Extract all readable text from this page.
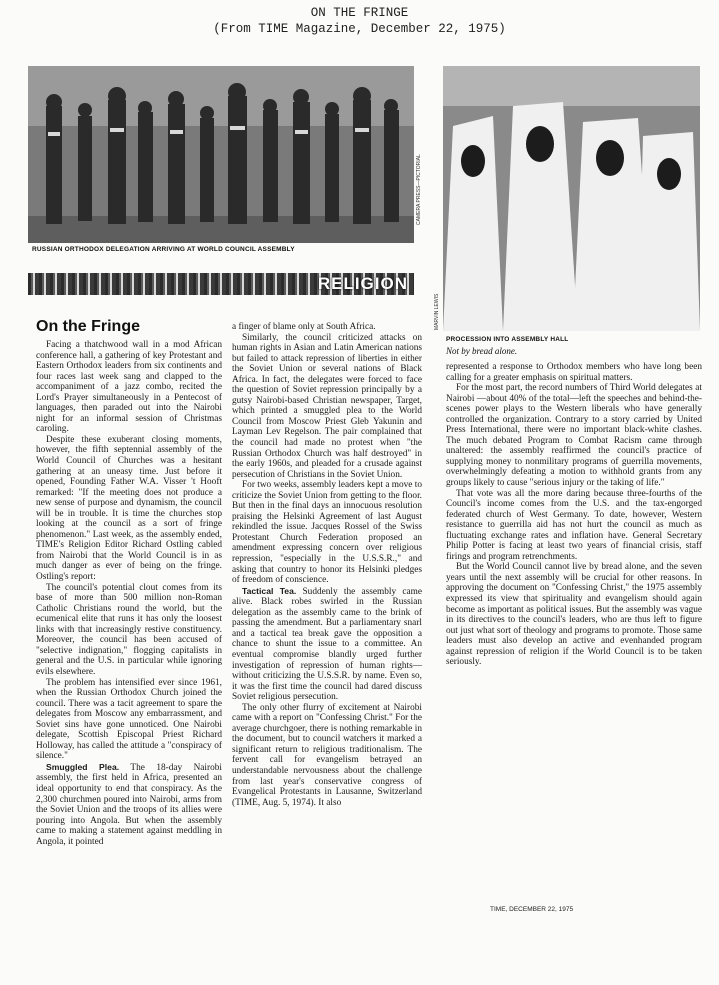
ON THE FRINGE
(From TIME Magazine, December 22, 1975)
CAMERA PRESS—PICTORIAL
RUSSIAN ORTHODOX DELEGATION ARRIVING AT WORLD COUNCIL ASSEMBLY
MARVIN LEWIS
PROCESSION INTO ASSEMBLY HALL
Not by bread alone.
RELIGION
On the Fringe

Facing a thatchwood wall in a mod African conference hall, a gathering of key Protestant and Eastern Orthodox leaders from six continents and four races last week sang and clapped to the accompaniment of a jazz combo, recited the Lord's Prayer simultaneously in a Pentecost of languages, then paraded out into the Nairobi night for an informal session of Christmas caroling.

Despite these exuberant closing moments, however, the fifth septennial assembly of the World Council of Churches was a hesitant gathering at an uneasy time. Just before it opened, Founding Father W.A. Visser 't Hooft remarked: "If the meeting does not produce a new sense of purpose and dynamism, the council will be in trouble. It is time the churches stop looking at the council as a sort of fringe phenomenon." Last week, as the assembly ended, TIME's Religion Editor Richard Ostling cabled from Nairobi that the World Council is in as much danger as ever of being on the fringe. Ostling's report:

The council's potential clout comes from its base of more than 500 million non-Roman Catholic Christians round the world, but the ecumenical elite that runs it has only the loosest links with that increasingly restive constituency. Moreover, the council has been accused of "selective indignation," flogging capitalists in general and the U.S. in particular while ignoring evils elsewhere.

The problem has intensified ever since 1961, when the Russian Orthodox Church joined the council. There was a tacit agreement to spare the delegates from Moscow any embarrassment, and Soviet sins have gone unnoticed. One Nairobi delegate, Scottish Episcopal Priest Richard Holloway, has called the attitude a "conspiracy of silence."

Smuggled Plea. The 18-day Nairobi assembly, the first held in Africa, presented an ideal opportunity to end that conspiracy. As the 2,300 churchmen poured into Nairobi, arms from the Soviet Union and the troops of its allies were pouring into Angola. But when the assembly came to making a statement against meddling in Angola, it pointed

a finger of blame only at South Africa.

Similarly, the council criticized attacks on human rights in Asian and Latin American nations but failed to attack repression of liberties in either the Soviet Union or several nations of Black Africa. In fact, the delegates were forced to face the question of Soviet repression principally by a gutsy Nairobi-based Christian newspaper, Target, which printed a smuggled plea to the World Council from Moscow Priest Gleb Yakunin and Layman Lev Regelson. The pair complained that the council had made no protest when "the Russian Orthodox Church was half destroyed" in the early 1960s, and pleaded for a crusade against persecution of Christians in the Soviet Union.

For two weeks, assembly leaders kept a move to criticize the Soviet Union from getting to the floor. But then in the final days an innocuous resolution praising the Helsinki Agreement of last August rekindled the issue. Jacques Rossel of the Swiss Protestant Church Federation proposed an amendment expressing concern over religious repression, "especially in the U.S.S.R.," and asking that country to honor its Helsinki pledges of freedom of conscience.

Tactical Tea. Suddenly the assembly came alive. Black robes swirled in the Russian delegation as the assembly came to the brink of passing the amendment. But a parliamentary snarl and a tactical tea break gave the opposition a chance to shunt the issue to a committee. An eventual compromise blandly urged further investigation of repression of human rights—without criticizing the U.S.S.R. by name. Even so, it was the first time the council had dared discuss Soviet religious persecution.

The only other flurry of excitement at Nairobi came with a report on "Confessing Christ." For the average churchgoer, there is nothing remarkable in the document, but to council watchers it marked a significant return to religious traditionalism. The fervent call for evangelism betrayed an understandable nervousness about the challenge from last year's conservative congress of Evangelical Protestants in Lausanne, Switzerland (TIME, Aug. 5, 1974). It also

represented a response to Orthodox members who have long been calling for a greater emphasis on spiritual matters.

For the most part, the record numbers of Third World delegates at Nairobi —about 40% of the total—left the speeches and behind-the-scenes power plays to the Western liberals who have generally controlled the organization. Contrary to a story carried by United Press International, there were no important black-white clashes. The much debated Program to Combat Racism came through unaltered: the assembly reaffirmed the council's practice of supplying money to nonmilitary programs of guerrilla movements, overwhelmingly defeating a motion to withhold grants from any groups likely to cause "serious injury or the taking of life."

That vote was all the more daring because three-fourths of the Council's income comes from the U.S. and the tax-engorged federated church of West Germany. To date, however, Western resistance to guerrilla aid has not hurt the council as much as fluctuating exchange rates and inflation have. General Secretary Philip Potter is facing at least two years of financial crisis, staff firings and program retrenchments.

But the World Council cannot live by bread alone, and the seven years until the next assembly will be crucial for other reasons. In approving the document on "Confessing Christ," the 1975 assembly expressed its view that spirituality and evangelism should again become as important as political issues. But the assembly was vague in its directives to the council's leaders, who are thus left to figure out just what sort of theology and programs to promote. Those same leaders must also develop an active and evenhanded program against repression of religion if the World Council is to be taken seriously.

TIME, DECEMBER 22, 1975
